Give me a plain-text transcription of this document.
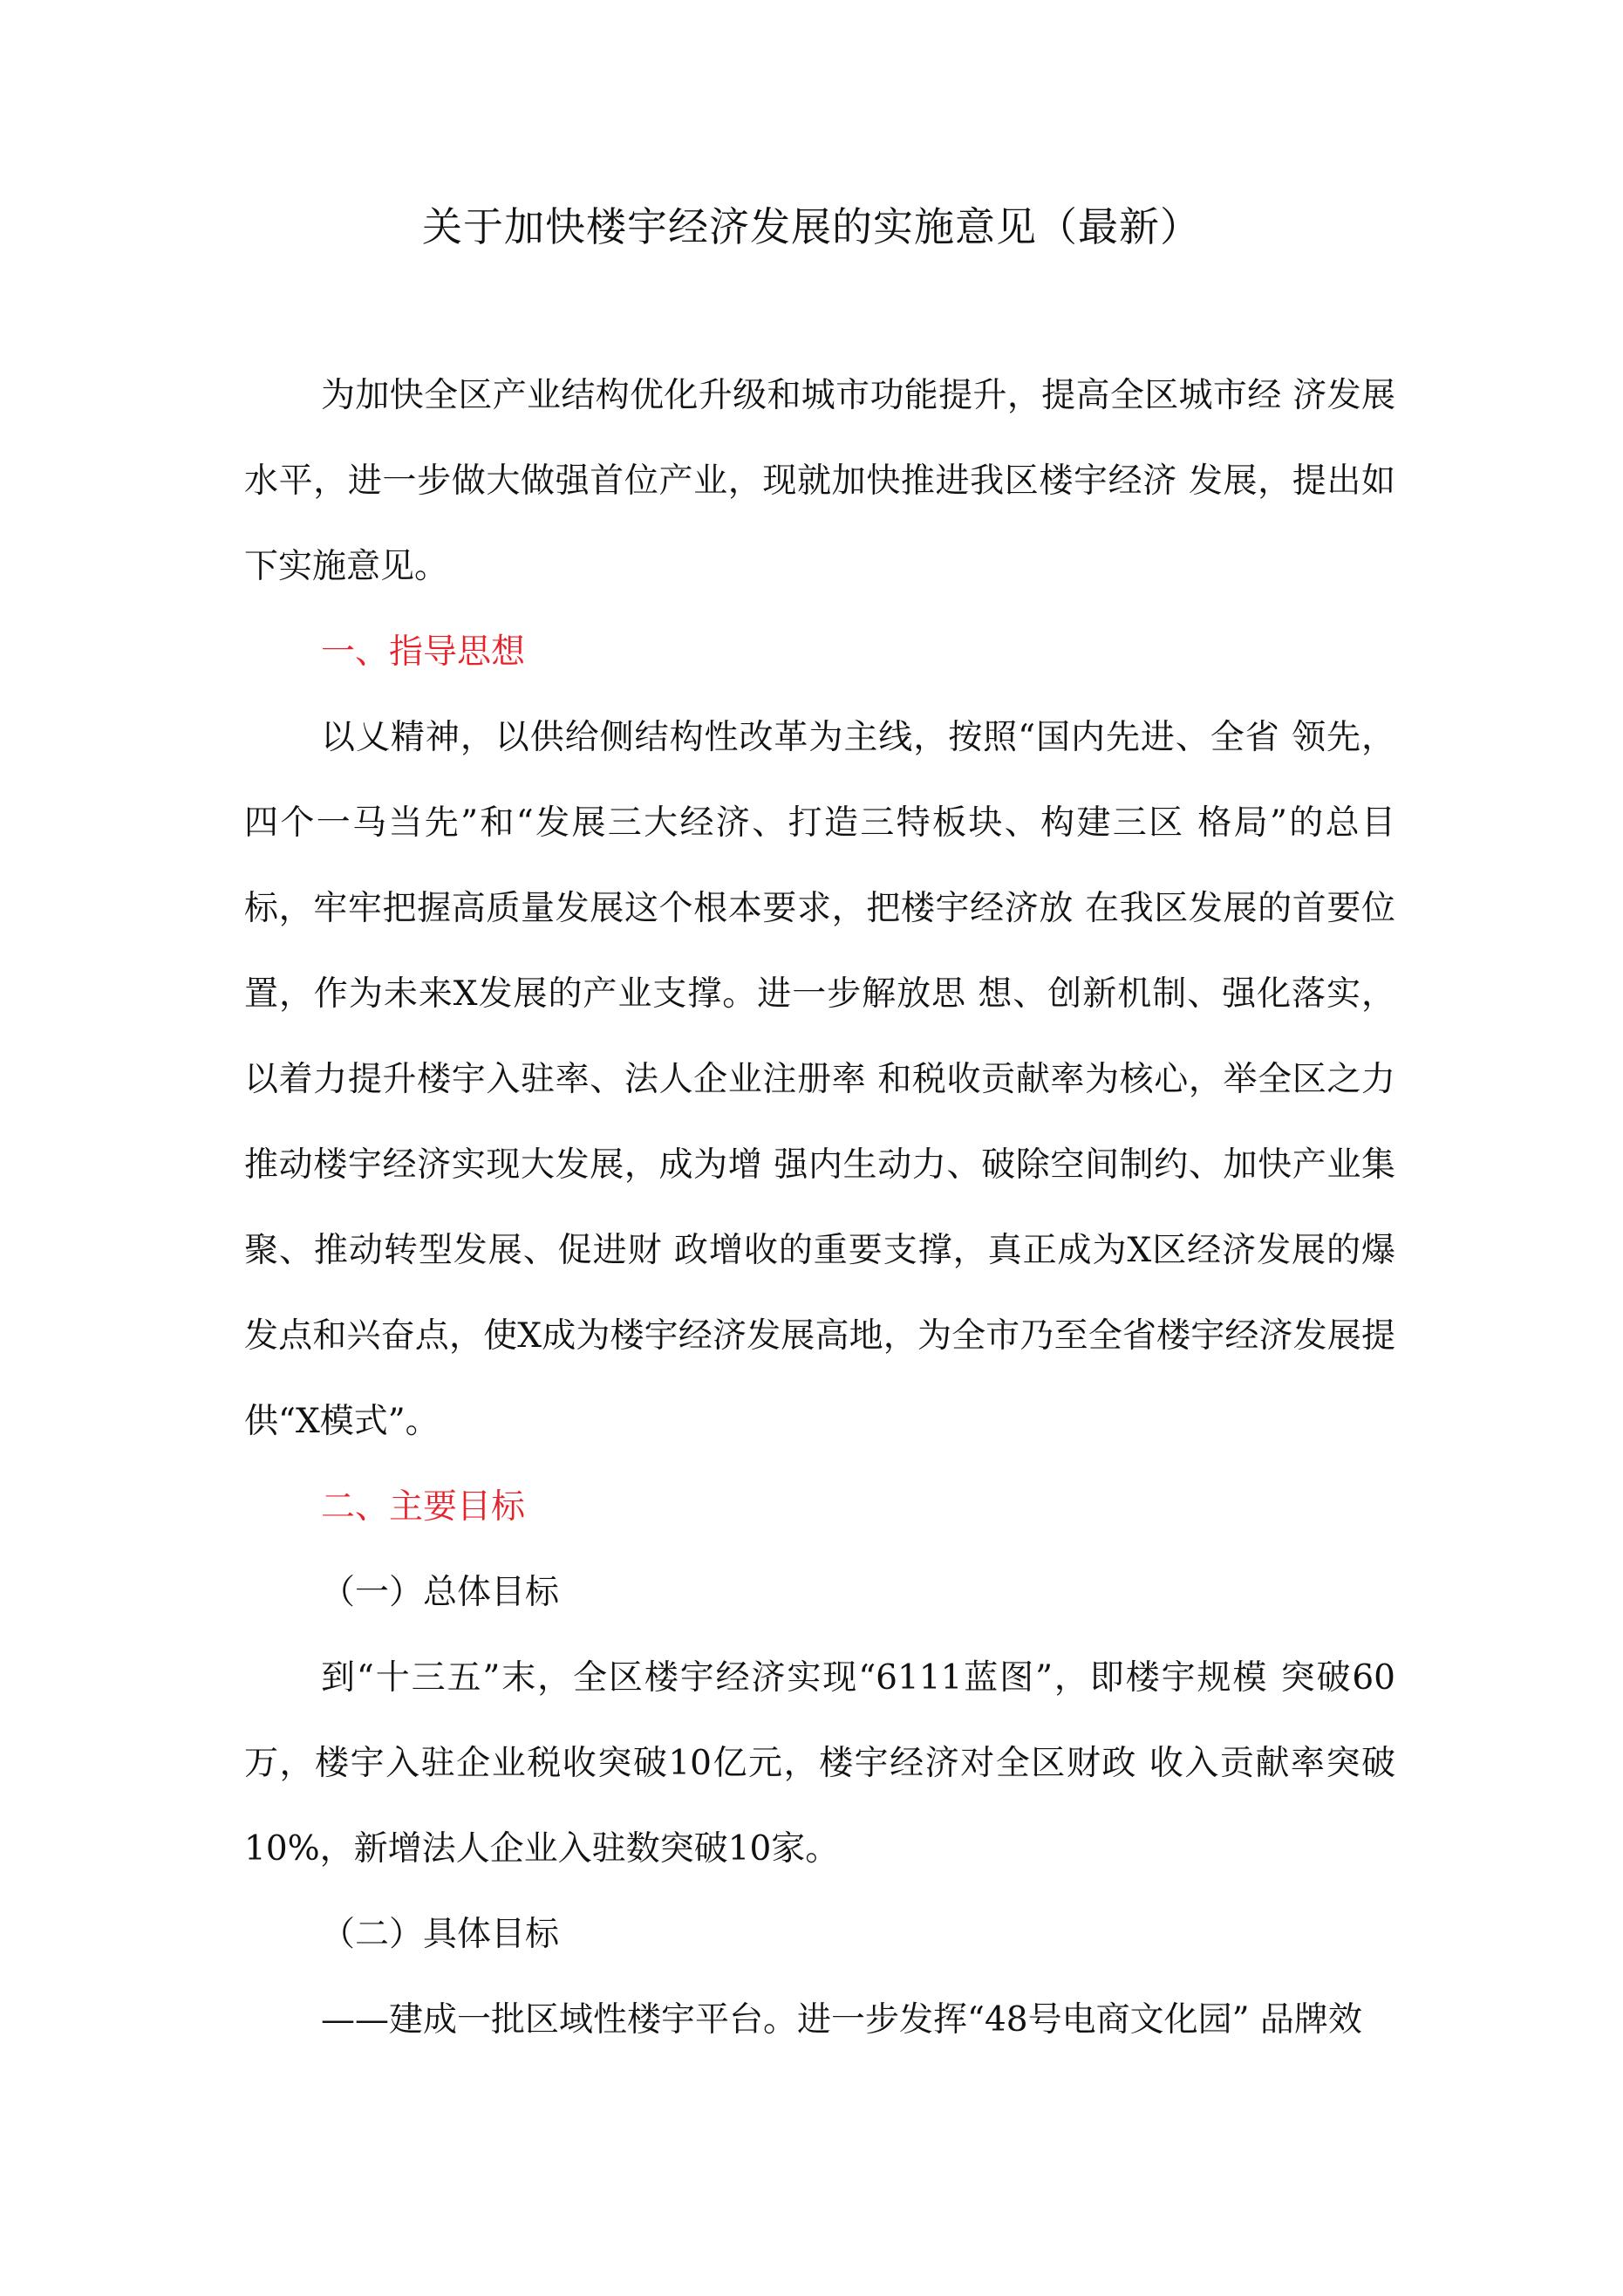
关于加快楼宇经济发展的实施意见（最新）

为加快全区产业结构优化升级和城市功能提升，提高全区城市经 济发展水平，进一步做大做强首位产业，现就加快推进我区楼宇经济 发展，提出如下实施意见。

一、指导思想

以乂精神，以供给侧结构性改革为主线，按照“国内先进、全省 领先，四个一马当先”和“发展三大经济、打造三特板块、构建三区 格局”的总目标，牢牢把握高质量发展这个根本要求，把楼宇经济放 在我区发展的首要位置，作为未来X发展的产业支撑。进一步解放思 想、创新机制、强化落实，以着力提升楼宇入驻率、法人企业注册率 和税收贡献率为核心，举全区之力推动楼宇经济实现大发展，成为增 强内生动力、破除空间制约、加快产业集聚、推动转型发展、促进财 政增收的重要支撑，真正成为X区经济发展的爆发点和兴奋点，使X成为楼宇经济发展高地，为全市乃至全省楼宇经济发展提供“X模式”。

二、主要目标

（一）总体目标

到“十三五”末，全区楼宇经济实现“6111蓝图”，即楼宇规模 突破60万，楼宇入驻企业税收突破10亿元，楼宇经济对全区财政 收入贡献率突破10%，新增法人企业入驻数突破10家。

（二）具体目标

——建成一批区域性楼宇平台。进一步发挥“48号电商文化园” 品牌效
